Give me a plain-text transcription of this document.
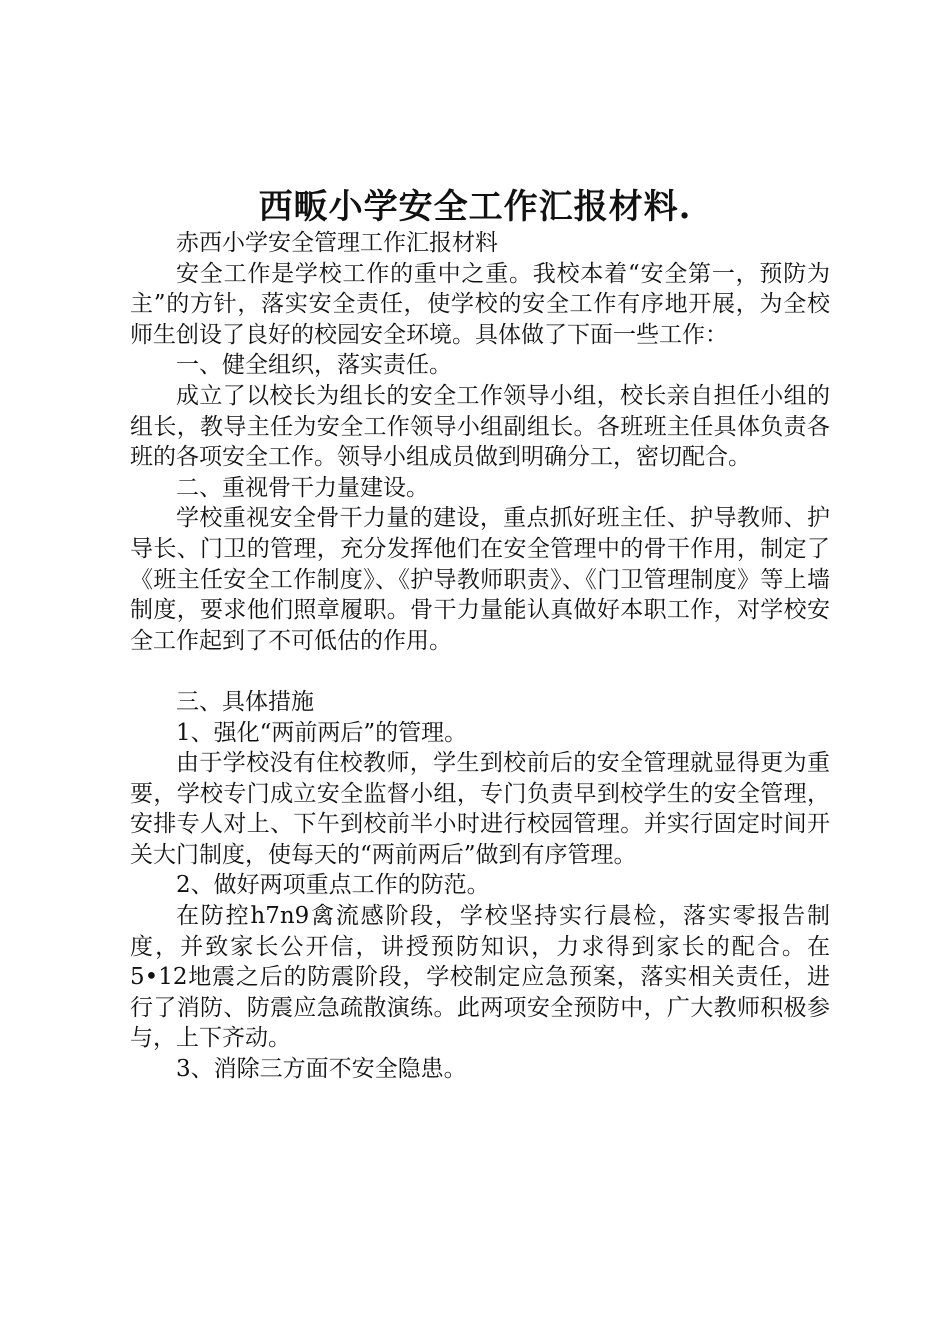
西畈小学安全工作汇报材料.

赤西小学安全管理工作汇报材料

安全工作是学校工作的重中之重。我校本着“安全第一，预防为主”的方针，落实安全责任，使学校的安全工作有序地开展，为全校师生创设了良好的校园安全环境。具体做了下面一些工作：

一、健全组织，落实责任。

成立了以校长为组长的安全工作领导小组，校长亲自担任小组的组长，教导主任为安全工作领导小组副组长。各班班主任具体负责各班的各项安全工作。领导小组成员做到明确分工，密切配合。

二、重视骨干力量建设。

学校重视安全骨干力量的建设，重点抓好班主任、护导教师、护导长、门卫的管理，充分发挥他们在安全管理中的骨干作用，制定了《班主任安全工作制度》、《护导教师职责》、《门卫管理制度》等上墙制度，要求他们照章履职。骨干力量能认真做好本职工作，对学校安全工作起到了不可低估的作用。

三、具体措施

1、强化“两前两后”的管理。

由于学校没有住校教师，学生到校前后的安全管理就显得更为重要，学校专门成立安全监督小组，专门负责早到校学生的安全管理，安排专人对上、下午到校前半小时进行校园管理。并实行固定时间开关大门制度，使每天的“两前两后”做到有序管理。

2、做好两项重点工作的防范。

在防控h7n9禽流感阶段，学校坚持实行晨检，落实零报告制度，并致家长公开信，讲授预防知识，力求得到家长的配合。在5•12地震之后的防震阶段，学校制定应急预案，落实相关责任，进行了消防、防震应急疏散演练。此两项安全预防中，广大教师积极参与，上下齐动。

3、消除三方面不安全隐患。
